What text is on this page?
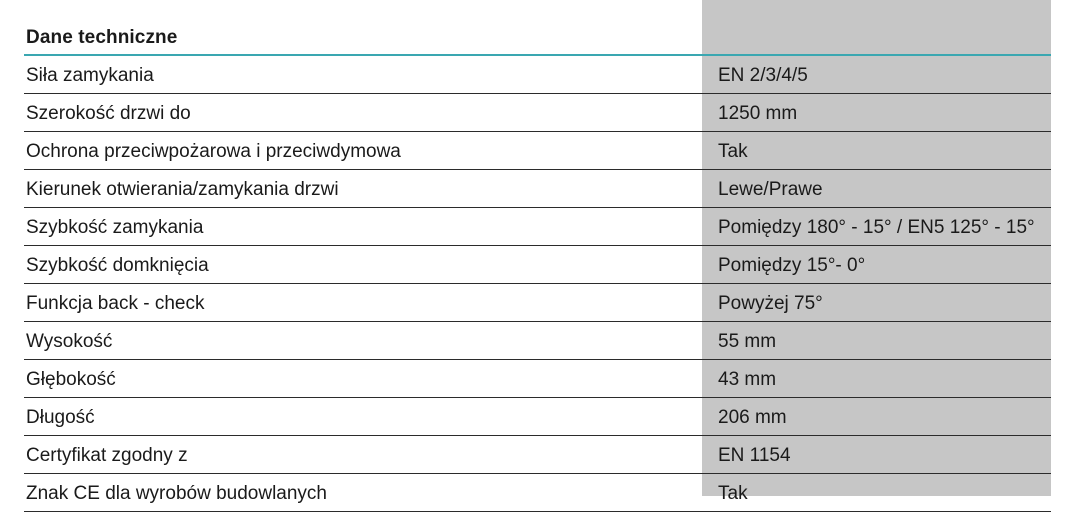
Dane techniczne
Siła zamykania	EN 2/3/4/5
Szerokość drzwi do	1250 mm
Ochrona przeciwpożarowa i przeciwdymowa	Tak
Kierunek otwierania/zamykania drzwi	Lewe/Prawe
Szybkość zamykania	Pomiędzy 180° - 15° / EN5 125° - 15°
Szybkość domknięcia	Pomiędzy 15°- 0°
Funkcja back - check	Powyżej 75°
Wysokość	55 mm
Głębokość	43 mm
Długość	206 mm
Certyfikat zgodny z	EN 1154
Znak CE dla wyrobów budowlanych	Tak
